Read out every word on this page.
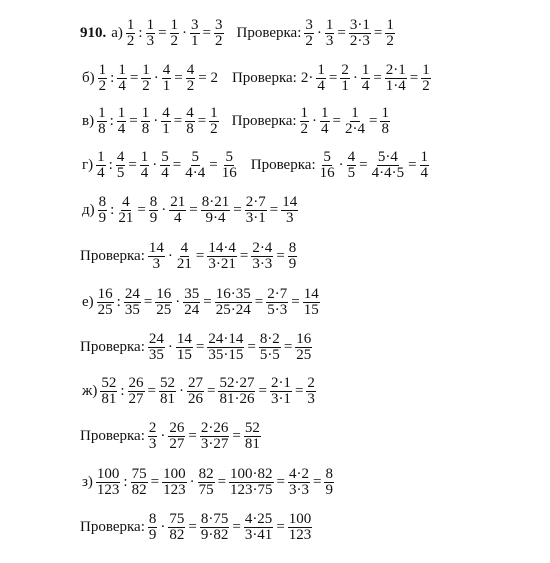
910. $а) \frac{1}{2}$ : $\frac{1}{3} = \frac{1}{2} \cdot \frac{3}{1} = \frac{3}{2}$ Проверка: $\frac{3}{2} \cdot \frac{1}{3} = \frac{3\cdot 1}{2\cdot 3} = \frac{1}{2}$
$б) \frac{1}{2}$ : $\frac{1}{4} = \frac{1}{2} \cdot \frac{4}{1} = \frac{4}{2} = 2$ Проверка: $2\cdot \frac{1}{4} = \frac{2}{1} \cdot \frac{1}{4} = \frac{2\cdot 1}{1\cdot 4} = \frac{1}{2}$
$в) \frac{1}{8}$ : $\frac{1}{4} = \frac{1}{8} \cdot \frac{4}{1} = \frac{4}{8} = \frac{1}{2}$ Проверка: $\frac{1}{2} \cdot \frac{1}{4} = \frac{1}{2\cdot 4} = \frac{1}{8}$
$г) \frac{1}{4}$ : $\frac{4}{5} = \frac{1}{4} \cdot \frac{5}{4} = \frac{5}{4\cdot 4} = \frac{5}{16}$ Проверка: $\frac{5}{16} \cdot \frac{4}{5} = \frac{5\cdot 4}{4\cdot 4\cdot 5} = \frac{1}{4}$
$д) \frac{8}{9}$ : $\frac{4}{21} = \frac{8}{9} \cdot \frac{21}{4} = \frac{8\cdot 21}{9\cdot 4} = \frac{2\cdot 7}{3\cdot 1} = \frac{14}{3}$
Проверка: $\frac{14}{3} \cdot \frac{4}{21} = \frac{14\cdot 4}{3\cdot 21} = \frac{2\cdot 4}{3\cdot 3} = \frac{8}{9}$
$е) \frac{16}{25}$ : $\frac{24}{35} = \frac{16}{25} \cdot \frac{35}{24} = \frac{16\cdot 35}{25\cdot 24} = \frac{2\cdot 7}{5\cdot 3} = \frac{14}{15}$
Проверка: $\frac{24}{35} \cdot \frac{14}{15} = \frac{24\cdot 14}{35\cdot 15} = \frac{8\cdot 2}{5\cdot 5} = \frac{16}{25}$
$ж) \frac{52}{81}$ : $\frac{26}{27} = \frac{52}{81} \cdot \frac{27}{26} = \frac{52\cdot 27}{81\cdot 26} = \frac{2\cdot 1}{3\cdot 1} = \frac{2}{3}$
Проверка: $\frac{2}{3} \cdot \frac{26}{27} = \frac{2\cdot 26}{3\cdot 27} = \frac{52}{81}$
$з) \frac{100}{123}$ : $\frac{75}{82} = \frac{100}{123} \cdot \frac{82}{75} = \frac{100\cdot 82}{123\cdot 75} = \frac{4\cdot 2}{3\cdot 3} = \frac{8}{9}$
Проверка: $\frac{8}{9} \cdot \frac{75}{82} = \frac{8\cdot 75}{9\cdot 82} = \frac{4\cdot 25}{3\cdot 41} = \frac{100}{123}$
